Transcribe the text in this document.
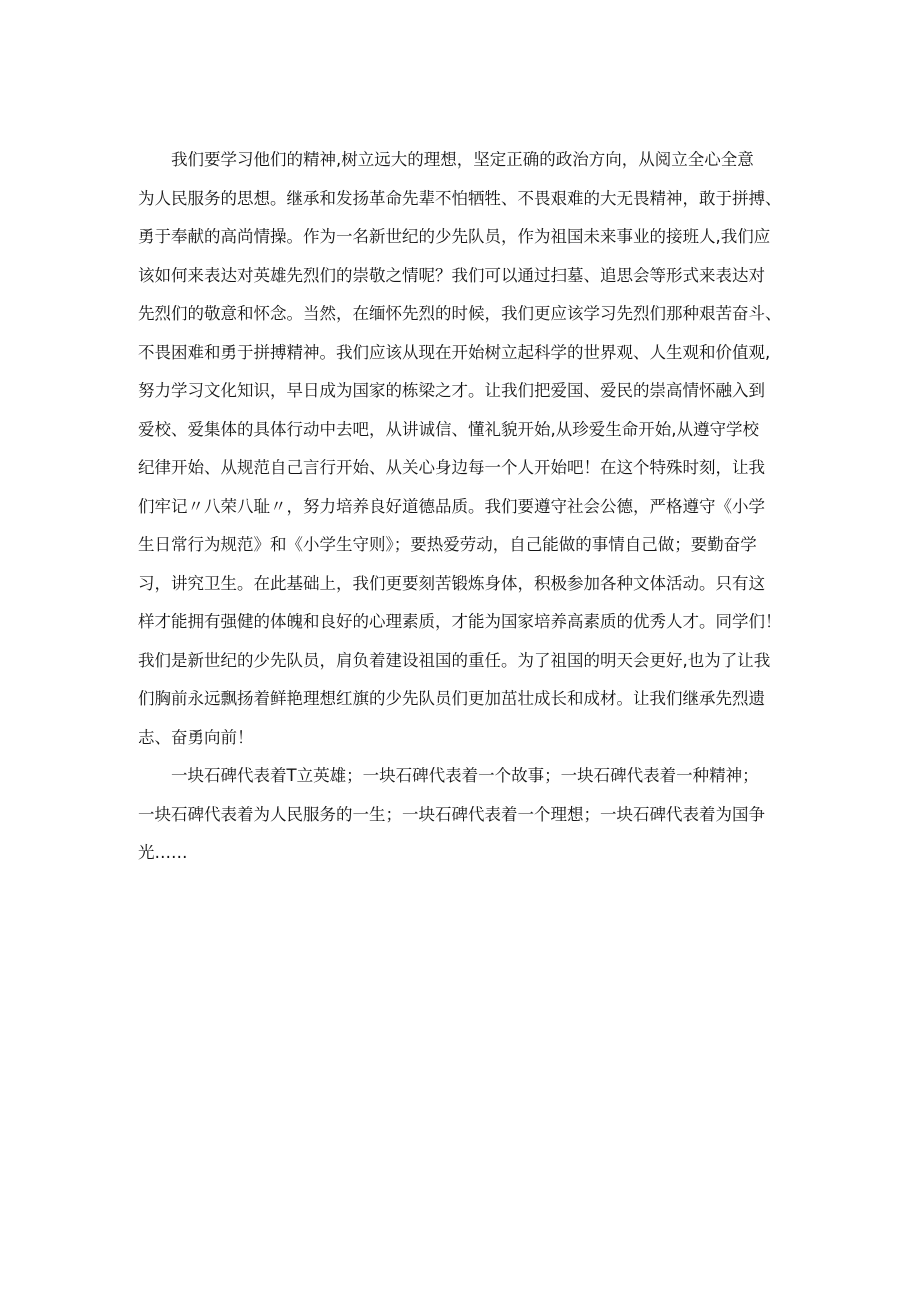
　　我们要学习他们的精神,树立远大的理想，坚定正确的政治方向，从阅立全心全意
为人民服务的思想。继承和发扬革命先辈不怕牺牲、不畏艰难的大无畏精神，敢于拼搏、
勇于奉献的高尚情操。作为一名新世纪的少先队员，作为祖国未来事业的接班人,我们应
该如何来表达对英雄先烈们的崇敬之情呢？我们可以通过扫墓、追思会等形式来表达对
先烈们的敬意和怀念。当然，在缅怀先烈的时候，我们更应该学习先烈们那种艰苦奋斗、
不畏困难和勇于拼搏精神。我们应该从现在开始树立起科学的世界观、人生观和价值观,
努力学习文化知识，早日成为国家的栋梁之才。让我们把爱国、爱民的崇高情怀融入到
爱校、爱集体的具体行动中去吧，从讲诚信、懂礼貌开始,从珍爱生命开始,从遵守学校
纪律开始、从规范自己言行开始、从关心身边每一个人开始吧！在这个特殊时刻，让我
们牢记〃八荣八耻〃，努力培养良好道德品质。我们要遵守社会公德，严格遵守《小学
生日常行为规范》和《小学生守则》；要热爱劳动，自己能做的事情自己做；要勤奋学
习，讲究卫生。在此基础上，我们更要刻苦锻炼身体，积极参加各种文体活动。只有这
样才能拥有强健的体魄和良好的心理素质，才能为国家培养高素质的优秀人才。同学们！
我们是新世纪的少先队员，肩负着建设祖国的重任。为了祖国的明天会更好,也为了让我
们胸前永远飘扬着鲜艳理想红旗的少先队员们更加茁壮成长和成材。让我们继承先烈遗
志、奋勇向前！
　　一块石碑代表着T立英雄；一块石碑代表着一个故事；一块石碑代表着一种精神；
一块石碑代表着为人民服务的一生；一块石碑代表着一个理想；一块石碑代表着为国争
光……
